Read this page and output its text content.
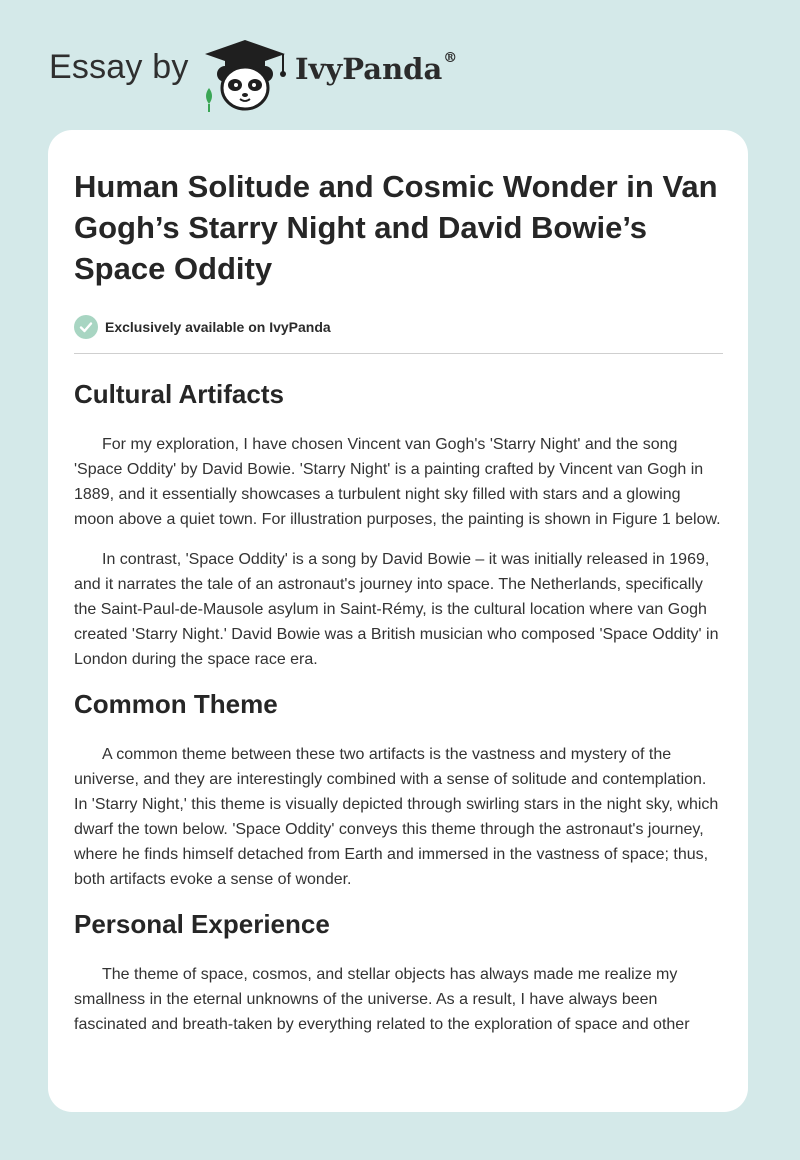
Essay by	IvyPanda®
Human Solitude and Cosmic Wonder in Van Gogh’s Starry Night and David Bowie’s Space Oddity
Exclusively available on IvyPanda
Cultural Artifacts

For my exploration, I have chosen Vincent van Gogh's 'Starry Night' and the song 'Space Oddity' by David Bowie. 'Starry Night' is a painting crafted by Vincent van Gogh in 1889, and it essentially showcases a turbulent night sky filled with stars and a glowing moon above a quiet town. For illustration purposes, the painting is shown in Figure 1 below.

In contrast, 'Space Oddity' is a song by David Bowie – it was initially released in 1969, and it narrates the tale of an astronaut's journey into space. The Netherlands, specifically the Saint-Paul-de-Mausole asylum in Saint-Rémy, is the cultural location where van Gogh created 'Starry Night.' David Bowie was a British musician who composed 'Space Oddity' in London during the space race era.

Common Theme

A common theme between these two artifacts is the vastness and mystery of the universe, and they are interestingly combined with a sense of solitude and contemplation. In 'Starry Night,' this theme is visually depicted through swirling stars in the night sky, which dwarf the town below. 'Space Oddity' conveys this theme through the astronaut's journey, where he finds himself detached from Earth and immersed in the vastness of space; thus, both artifacts evoke a sense of wonder.

Personal Experience

The theme of space, cosmos, and stellar objects has always made me realize my smallness in the eternal unknowns of the universe. As a result, I have always been fascinated and breath-taken by everything related to the exploration of space and other
